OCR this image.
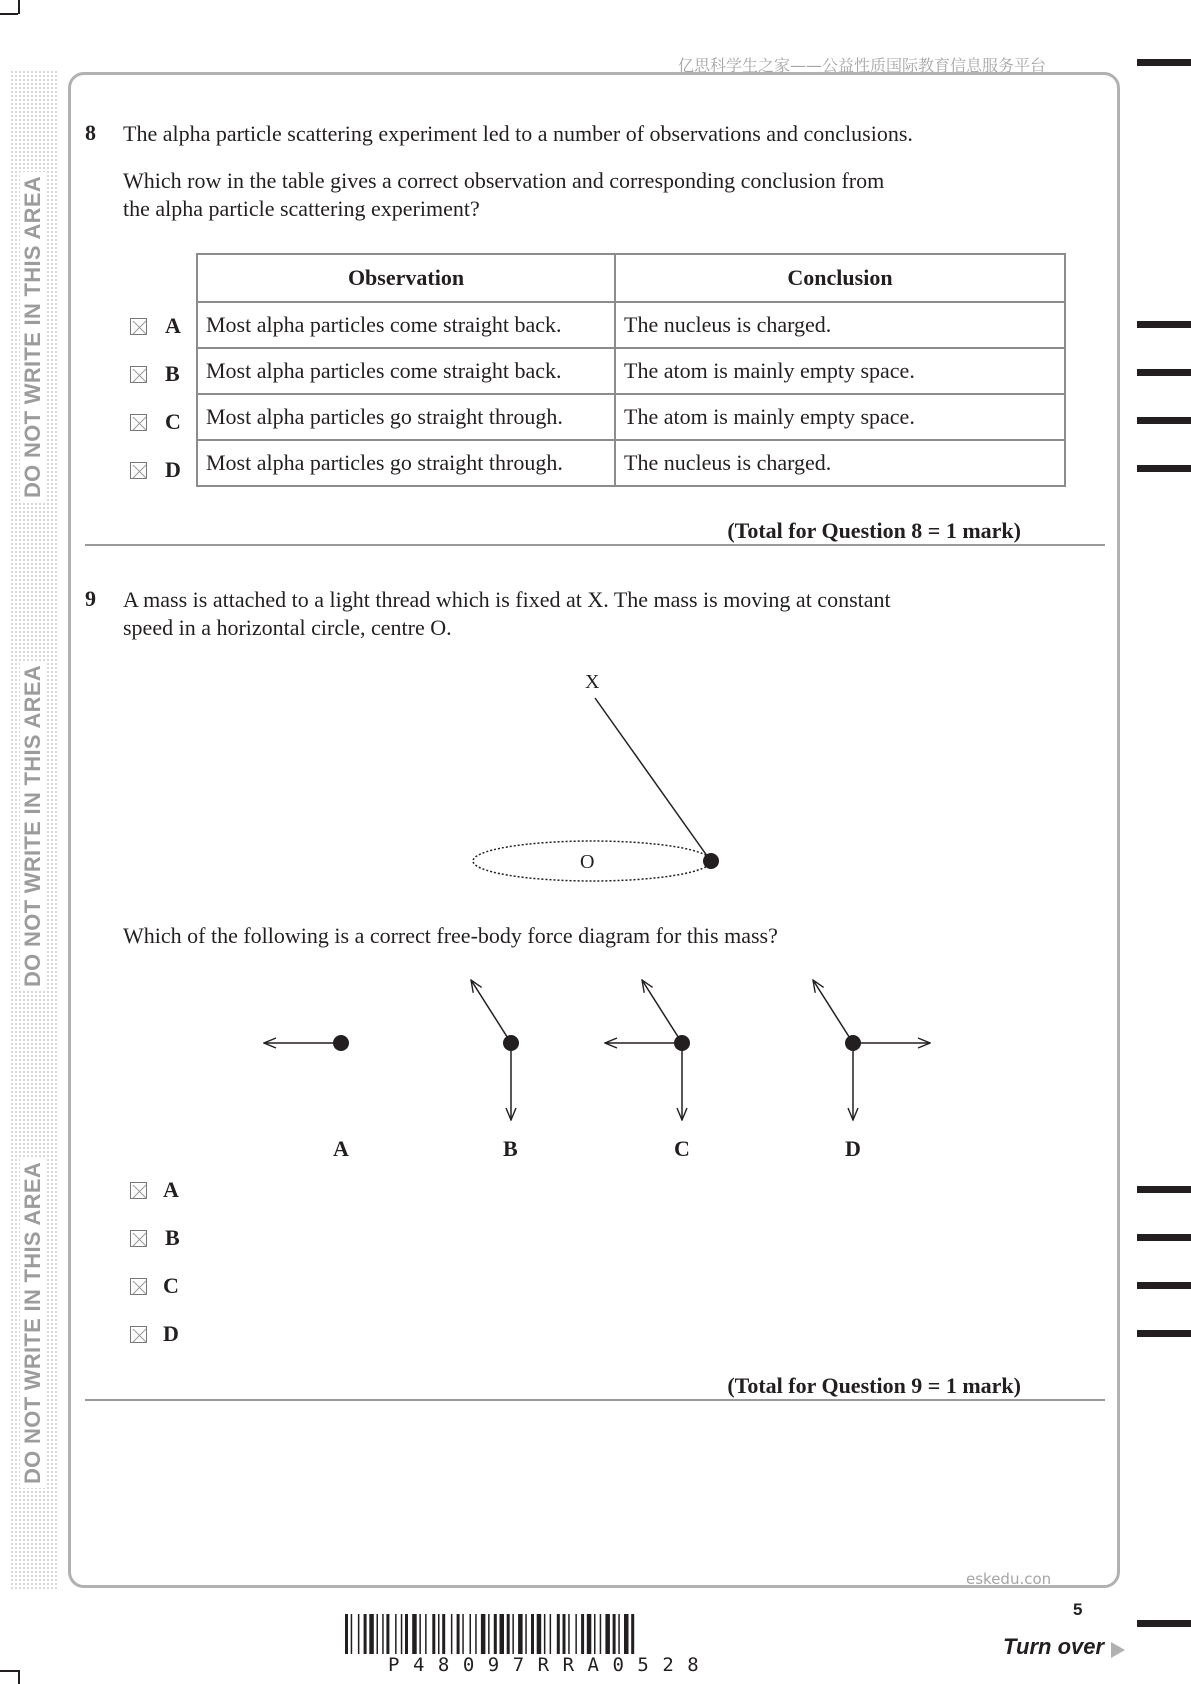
DO NOT WRITE IN THIS AREA
DO NOT WRITE IN THIS AREA
DO NOT WRITE IN THIS AREA
亿思科学生之家——公益性质国际教育信息服务平台
8 The alpha particle scattering experiment led to a number of observations and conclusions.
Which row in the table gives a correct observation and corresponding conclusion from
the alpha particle scattering experiment?
Observation	Conclusion
Most alpha particles come straight back.	The nucleus is charged.
Most alpha particles come straight back.	The atom is mainly empty space.
Most alpha particles go straight through.	The atom is mainly empty space.
Most alpha particles go straight through.	The nucleus is charged.
A
B
C
D
(Total for Question 8 = 1 mark)
9 A mass is attached to a light thread which is fixed at X. The mass is moving at constant
speed in a horizontal circle, centre O.
X
O
Which of the following is a correct free-body force diagram for this mass?
A	B	C	D
A
B
C
D
(Total for Question 9 = 1 mark)
eskedu.con
5
Turn over
P48097RRA0528
